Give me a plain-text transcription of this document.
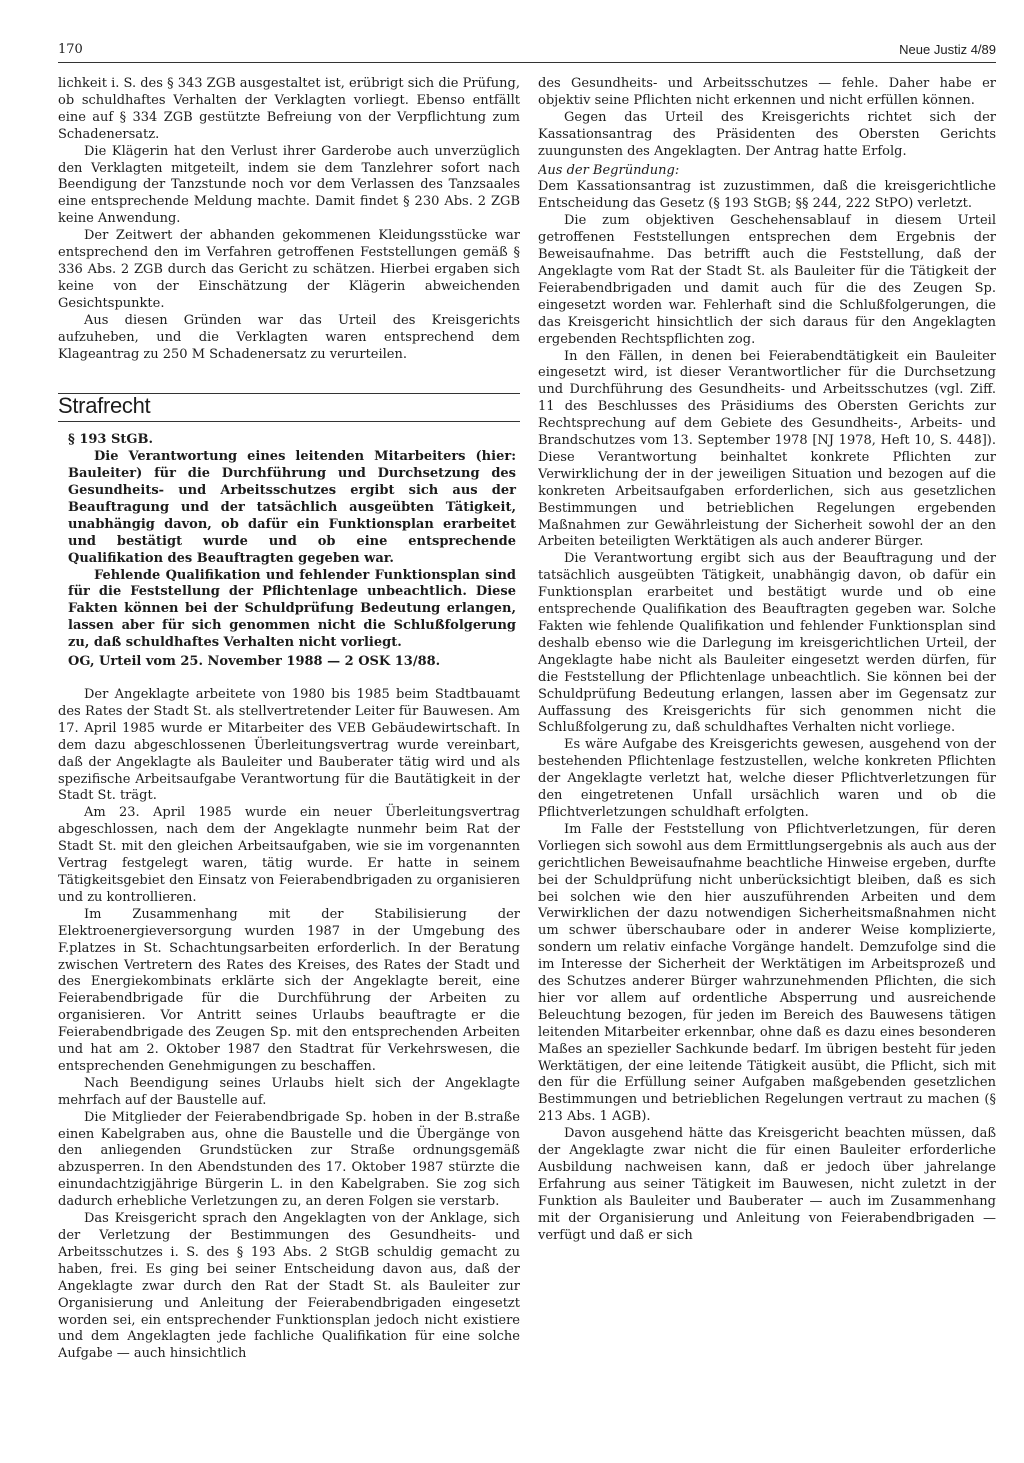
170	Neue Justiz 4/89

lichkeit i. S. des § 343 ZGB ausgestaltet ist, erübrigt sich die Prüfung, ob schuldhaftes Verhalten der Verklagten vorliegt. Ebenso entfällt eine auf § 334 ZGB gestützte Befreiung von der Verpflichtung zum Schadenersatz.

Die Klägerin hat den Verlust ihrer Garderobe auch unverzüglich den Verklagten mitgeteilt, indem sie dem Tanzlehrer sofort nach Beendigung der Tanzstunde noch vor dem Verlassen des Tanzsaales eine entsprechende Meldung machte. Damit findet § 230 Abs. 2 ZGB keine Anwendung.

Der Zeitwert der abhanden gekommenen Kleidungsstücke war entsprechend den im Verfahren getroffenen Feststellungen gemäß § 336 Abs. 2 ZGB durch das Gericht zu schätzen. Hierbei ergaben sich keine von der Einschätzung der Klägerin abweichenden Gesichtspunkte.

Aus diesen Gründen war das Urteil des Kreisgerichts aufzuheben, und die Verklagten waren entsprechend dem Klageantrag zu 250 M Schadenersatz zu verurteilen.

Strafrecht

§ 193 StGB.

Die Verantwortung eines leitenden Mitarbeiters (hier: Bauleiter) für die Durchführung und Durchsetzung des Gesundheits- und Arbeitsschutzes ergibt sich aus der Beauftragung und der tatsächlich ausgeübten Tätigkeit, unabhängig davon, ob dafür ein Funktionsplan erarbeitet und bestätigt wurde und ob eine entsprechende Qualifikation des Beauftragten gegeben war.

Fehlende Qualifikation und fehlender Funktionsplan sind für die Feststellung der Pflichtenlage unbeachtlich. Diese Fakten können bei der Schuldprüfung Bedeutung erlangen, lassen aber für sich genommen nicht die Schlußfolgerung zu, daß schuldhaftes Verhalten nicht vorliegt.

OG, Urteil vom 25. November 1988 — 2 OSK 13/88.

Der Angeklagte arbeitete von 1980 bis 1985 beim Stadtbauamt des Rates der Stadt St. als stellvertretender Leiter für Bauwesen. Am 17. April 1985 wurde er Mitarbeiter des VEB Gebäudewirtschaft. In dem dazu abgeschlossenen Überleitungsvertrag wurde vereinbart, daß der Angeklagte als Bauleiter und Bauberater tätig wird und als spezifische Arbeitsaufgabe Verantwortung für die Bautätigkeit in der Stadt St. trägt.

Am 23. April 1985 wurde ein neuer Überleitungsvertrag abgeschlossen, nach dem der Angeklagte nunmehr beim Rat der Stadt St. mit den gleichen Arbeitsaufgaben, wie sie im vorgenannten Vertrag festgelegt waren, tätig wurde. Er hatte in seinem Tätigkeitsgebiet den Einsatz von Feierabendbrigaden zu organisieren und zu kontrollieren.

Im Zusammenhang mit der Stabilisierung der Elektroenergieversorgung wurden 1987 in der Umgebung des F.platzes in St. Schachtungsarbeiten erforderlich. In der Beratung zwischen Vertretern des Rates des Kreises, des Rates der Stadt und des Energiekombinats erklärte sich der Angeklagte bereit, eine Feierabendbrigade für die Durchführung der Arbeiten zu organisieren. Vor Antritt seines Urlaubs beauftragte er die Feierabendbrigade des Zeugen Sp. mit den entsprechenden Arbeiten und hat am 2. Oktober 1987 den Stadtrat für Verkehrswesen, die entsprechenden Genehmigungen zu beschaffen.

Nach Beendigung seines Urlaubs hielt sich der Angeklagte mehrfach auf der Baustelle auf.

Die Mitglieder der Feierabendbrigade Sp. hoben in der B.straße einen Kabelgraben aus, ohne die Baustelle und die Übergänge von den anliegenden Grundstücken zur Straße ordnungsgemäß abzusperren. In den Abendstunden des 17. Oktober 1987 stürzte die einundachtzigjährige Bürgerin L. in den Kabelgraben. Sie zog sich dadurch erhebliche Verletzungen zu, an deren Folgen sie verstarb.

Das Kreisgericht sprach den Angeklagten von der Anklage, sich der Verletzung der Bestimmungen des Gesundheits- und Arbeitsschutzes i. S. des § 193 Abs. 2 StGB schuldig gemacht zu haben, frei. Es ging bei seiner Entscheidung davon aus, daß der Angeklagte zwar durch den Rat der Stadt St. als Bauleiter zur Organisierung und Anleitung der Feierabendbrigaden eingesetzt worden sei, ein entsprechender Funktionsplan jedoch nicht existiere und dem Angeklagten jede fachliche Qualifikation für eine solche Aufgabe — auch hinsichtlich

des Gesundheits- und Arbeitsschutzes — fehle. Daher habe er objektiv seine Pflichten nicht erkennen und nicht erfüllen können.

Gegen das Urteil des Kreisgerichts richtet sich der Kassationsantrag des Präsidenten des Obersten Gerichts zuungunsten des Angeklagten. Der Antrag hatte Erfolg.

Aus der Begründung:

Dem Kassationsantrag ist zuzustimmen, daß die kreisgerichtliche Entscheidung das Gesetz (§ 193 StGB; §§ 244, 222 StPO) verletzt.

Die zum objektiven Geschehensablauf in diesem Urteil getroffenen Feststellungen entsprechen dem Ergebnis der Beweisaufnahme. Das betrifft auch die Feststellung, daß der Angeklagte vom Rat der Stadt St. als Bauleiter für die Tätigkeit der Feierabendbrigaden und damit auch für die des Zeugen Sp. eingesetzt worden war. Fehlerhaft sind die Schlußfolgerungen, die das Kreisgericht hinsichtlich der sich daraus für den Angeklagten ergebenden Rechtspflichten zog.

In den Fällen, in denen bei Feierabendtätigkeit ein Bauleiter eingesetzt wird, ist dieser Verantwortlicher für die Durchsetzung und Durchführung des Gesundheits- und Arbeitsschutzes (vgl. Ziff. 11 des Beschlusses des Präsidiums des Obersten Gerichts zur Rechtsprechung auf dem Gebiete des Gesundheits-, Arbeits- und Brandschutzes vom 13. September 1978 [NJ 1978, Heft 10, S. 448]). Diese Verantwortung beinhaltet konkrete Pflichten zur Verwirklichung der in der jeweiligen Situation und bezogen auf die konkreten Arbeitsaufgaben erforderlichen, sich aus gesetzlichen Bestimmungen und betrieblichen Regelungen ergebenden Maßnahmen zur Gewährleistung der Sicherheit sowohl der an den Arbeiten beteiligten Werktätigen als auch anderer Bürger.

Die Verantwortung ergibt sich aus der Beauftragung und der tatsächlich ausgeübten Tätigkeit, unabhängig davon, ob dafür ein Funktionsplan erarbeitet und bestätigt wurde und ob eine entsprechende Qualifikation des Beauftragten gegeben war. Solche Fakten wie fehlende Qualifikation und fehlender Funktionsplan sind deshalb ebenso wie die Darlegung im kreisgerichtlichen Urteil, der Angeklagte habe nicht als Bauleiter eingesetzt werden dürfen, für die Feststellung der Pflichtenlage unbeachtlich. Sie können bei der Schuldprüfung Bedeutung erlangen, lassen aber im Gegensatz zur Auffassung des Kreisgerichts für sich genommen nicht die Schlußfolgerung zu, daß schuldhaftes Verhalten nicht vorliege.

Es wäre Aufgabe des Kreisgerichts gewesen, ausgehend von der bestehenden Pflichtenlage festzustellen, welche konkreten Pflichten der Angeklagte verletzt hat, welche dieser Pflichtverletzungen für den eingetretenen Unfall ursächlich waren und ob die Pflichtverletzungen schuldhaft erfolgten.

Im Falle der Feststellung von Pflichtverletzungen, für deren Vorliegen sich sowohl aus dem Ermittlungsergebnis als auch aus der gerichtlichen Beweisaufnahme beachtliche Hinweise ergeben, durfte bei der Schuldprüfung nicht unberücksichtigt bleiben, daß es sich bei solchen wie den hier auszuführenden Arbeiten und dem Verwirklichen der dazu notwendigen Sicherheitsmaßnahmen nicht um schwer überschaubare oder in anderer Weise komplizierte, sondern um relativ einfache Vorgänge handelt. Demzufolge sind die im Interesse der Sicherheit der Werktätigen im Arbeitsprozeß und des Schutzes anderer Bürger wahrzunehmenden Pflichten, die sich hier vor allem auf ordentliche Absperrung und ausreichende Beleuchtung bezogen, für jeden im Bereich des Bauwesens tätigen leitenden Mitarbeiter erkennbar, ohne daß es dazu eines besonderen Maßes an spezieller Sachkunde bedarf. Im übrigen besteht für jeden Werktätigen, der eine leitende Tätigkeit ausübt, die Pflicht, sich mit den für die Erfüllung seiner Aufgaben maßgebenden gesetzlichen Bestimmungen und betrieblichen Regelungen vertraut zu machen (§ 213 Abs. 1 AGB).

Davon ausgehend hätte das Kreisgericht beachten müssen, daß der Angeklagte zwar nicht die für einen Bauleiter erforderliche Ausbildung nachweisen kann, daß er jedoch über jahrelange Erfahrung aus seiner Tätigkeit im Bauwesen, nicht zuletzt in der Funktion als Bauleiter und Bauberater — auch im Zusammenhang mit der Organisierung und Anleitung von Feierabendbrigaden — verfügt und daß er sich
